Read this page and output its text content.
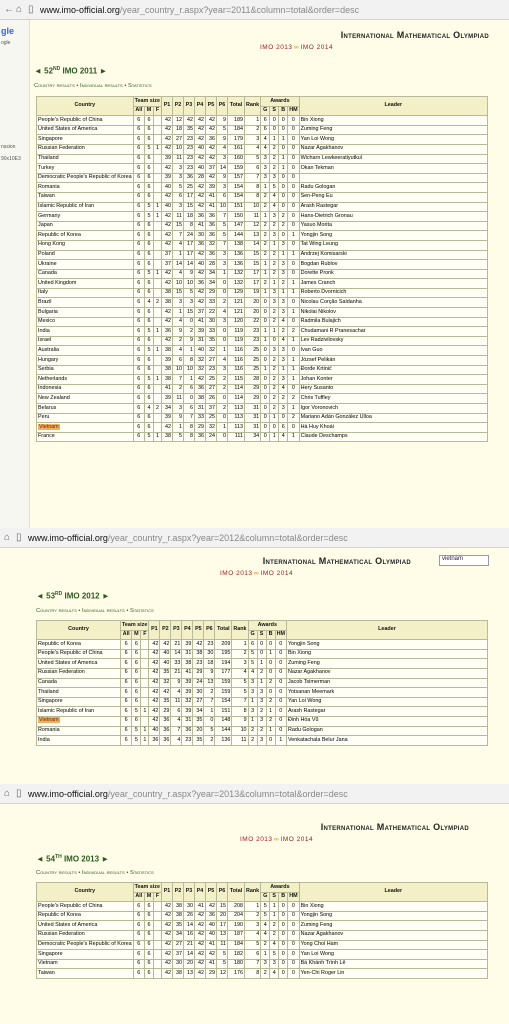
← ⌂ ▯ www.imo-official.org /year_country_r.aspx?year=2011&column=total&order=desc
gle
ogle
nssion
90x10E3
International Mathematical Olympiad
IMO 2013∞IMO 2014
◄ 52ND IMO 2011 ►
Country results • Individual results • Statistics
Country	Team size			P1	P2	P3	P4	P5	P6	Total	Rank	Awards				Leader
	All	M	F									G	S	B	HM	
People's Republic of China	6	6		42	12	42	42	42	9	189	1	6	0	0	0	Bin Xiong
United States of America	6	6		42	18	35	42	42	5	184	2	6	0	0	0	Zuming Feng
Singapore	6	6		42	27	23	42	36	9	179	3	4	1	1	0	Yan Loi Wong
Russian Federation	6	5	1	42	10	23	40	42	4	161	4	4	2	0	0	Nazar Agakhanov
Thailand	6	6		39	11	23	42	42	3	160	5	3	2	1	0	Wicharn Lewkeeratiyutkul
Turkey	6	6		42	3	23	40	37	14	159	6	3	2	1	0	Okan Tekman
Democratic People's Republic of Korea	6	6		39	3	36	28	42	9	157	7	3	3	0	0	
Romania	6	6		40	5	25	42	39	3	154	8	1	5	0	0	Radu Gologan
Taiwan	6	6		42	6	17	42	41	6	154	8	2	4	0	0	Sen-Peng Eu
Islamic Republic of Iran	6	5	1	40	3	15	42	41	10	151	10	2	4	0	0	Arash Rastegar
Germany	6	5	1	42	11	18	36	36	7	150	11	1	3	2	0	Hans-Dietrich Gronau
Japan	6	6		42	15	8	41	36	5	147	12	2	2	2	0	Yasuo Morita
Republic of Korea	6	6		42	7	24	30	36	5	144	13	2	3	0	1	Yongjin Song
Hong Kong	6	6		42	4	17	36	32	7	138	14	2	1	3	0	Tat Wing Leung
Poland	6	6		37	1	17	42	36	3	136	15	2	2	1	1	Andrzej Komisarski
Ukraine	6	6		37	14	14	40	28	3	136	15	1	2	3	0	Bogdan Rublov
Canada	6	5	1	42	4	9	42	34	1	132	17	1	2	3	0	Dorette Pronk
United Kingdom	6	6		42	10	10	36	34	0	132	17	2	1	2	1	James Cranch
Italy	6	6		38	15	5	42	29	0	129	19	1	3	1	1	Roberto Dvornicich
Brazil	6	4	2	38	3	3	42	33	2	121	20	0	3	3	0	Nicolau Corção Saldanha
Bulgaria	6	6		42	1	15	37	22	4	121	20	0	2	3	1	Nikolai Nikolov
Mexico	6	6		42	4	0	41	30	3	120	22	0	2	4	0	Radmila Bulajich
India	6	5	1	36	9	2	39	33	0	119	23	1	1	2	2	Chudamani R Pranesachar
Israel	6	6		42	2	9	31	35	0	119	23	1	0	4	1	Lev Radzivilovsky
Australia	6	5	1	38	4	1	40	32	1	116	25	0	3	3	0	Ivan Guo
Hungary	6	6		39	6	8	32	27	4	116	25	0	2	3	1	József Pelikán
Serbia	6	6		38	10	10	32	23	3	116	25	1	2	1	1	Đorđe Krtinić
Netherlands	6	5	1	38	7	1	42	25	2	115	28	0	2	3	1	Johan Konter
Indonesia	6	6		41	2	6	36	27	2	114	29	0	2	4	0	Hery Susanto
New Zealand	6	6		39	11	0	38	26	0	114	29	0	2	2	2	Chris Tuffley
Belarus	6	4	2	34	3	6	31	37	2	113	31	0	2	3	1	Igor Voronovich
Peru	6	6		39	9	7	33	25	0	113	31	0	1	0	2	Mariano Adán González Ulloa
Vietnam	6	6		42	1	8	29	32	1	113	31	0	0	6	0	Hà Huy Khoái
France	6	5	1	38	5	8	36	24	0	111	34	0	1	4	1	Claude Deschamps
⌂ ▯ www.imo-official.org /year_country_r.aspx?year=2012&column=total&order=desc
International Mathematical Olympiad	vietnam
IMO 2013∞IMO 2014
◄ 53RD IMO 2012 ►
Country results • Individual results • Statistics
Country	Team size			P1	P2	P3	P4	P5	P6	Total	Rank	Awards				Leader
	All	M	F									G	S	B	HM	
Republic of Korea	6	6		42	42	21	39	42	23	209	1	6	0	0	0	Yongjin Song
People's Republic of China	6	6		42	40	14	31	38	30	195	2	5	0	1	0	Bin Xiong
United States of America	6	6		42	40	33	38	23	18	194	3	5	1	0	0	Zuming Feng
Russian Federation	6	6		42	35	21	41	29	9	177	4	4	2	0	0	Nazar Agakhanov
Canada	6	6		42	32	9	39	24	13	159	5	3	1	2	0	Jacob Tsimerman
Thailand	6	6		42	42	4	39	30	2	159	5	3	3	0	0	Yotsanan Meemark
Singapore	6	6		42	35	11	32	27	7	154	7	1	3	2	0	Yan Loi Wong
Islamic Republic of Iran	6	5	1	42	29	6	39	34	1	151	8	3	2	1	0	Arash Rastegar
Vietnam	6	6		42	36	4	31	35	0	148	9	1	3	2	0	Đinh Hòa Vũ
Romania	6	5	1	40	36	7	36	20	5	144	10	2	2	1	0	Radu Gologan
India	6	5	1	36	36	4	23	35	2	136	11	2	3	0	1	Venkatachala Belur Jana
⌂ ▯ www.imo-official.org /year_country_r.aspx?year=2013&column=total&order=desc
International Mathematical Olympiad
IMO 2013∞IMO 2014
◄ 54TH IMO 2013 ►
Country results • Individual results • Statistics
Country	Team size			P1	P2	P3	P4	P5	P6	Total	Rank	Awards				Leader
	All	M	F									G	S	B	HM	
People's Republic of China	6	6		42	38	30	41	42	15	208	1	5	1	0	0	Bin Xiong
Republic of Korea	6	6		42	38	26	42	36	20	204	2	5	1	0	0	Yongjin Song
United States of America	6	6		42	35	14	42	40	17	190	3	4	2	0	0	Zuming Feng
Russian Federation	6	6		42	34	16	42	40	13	187	4	4	2	0	0	Nazar Agakhanov
Democratic People's Republic of Korea	6	6		42	27	21	42	41	11	184	5	2	4	0	0	Yong Chol Ham
Singapore	6	6		42	37	14	42	42	5	182	6	1	5	0	0	Yan Loi Wong
Vietnam	6	6		42	30	20	42	41	5	180	7	3	3	0	0	Bá Khánh Trình Lê
Taiwan	6	6		42	38	13	42	29	12	176	8	2	4	0	0	Yen-Chi Roger Lin
